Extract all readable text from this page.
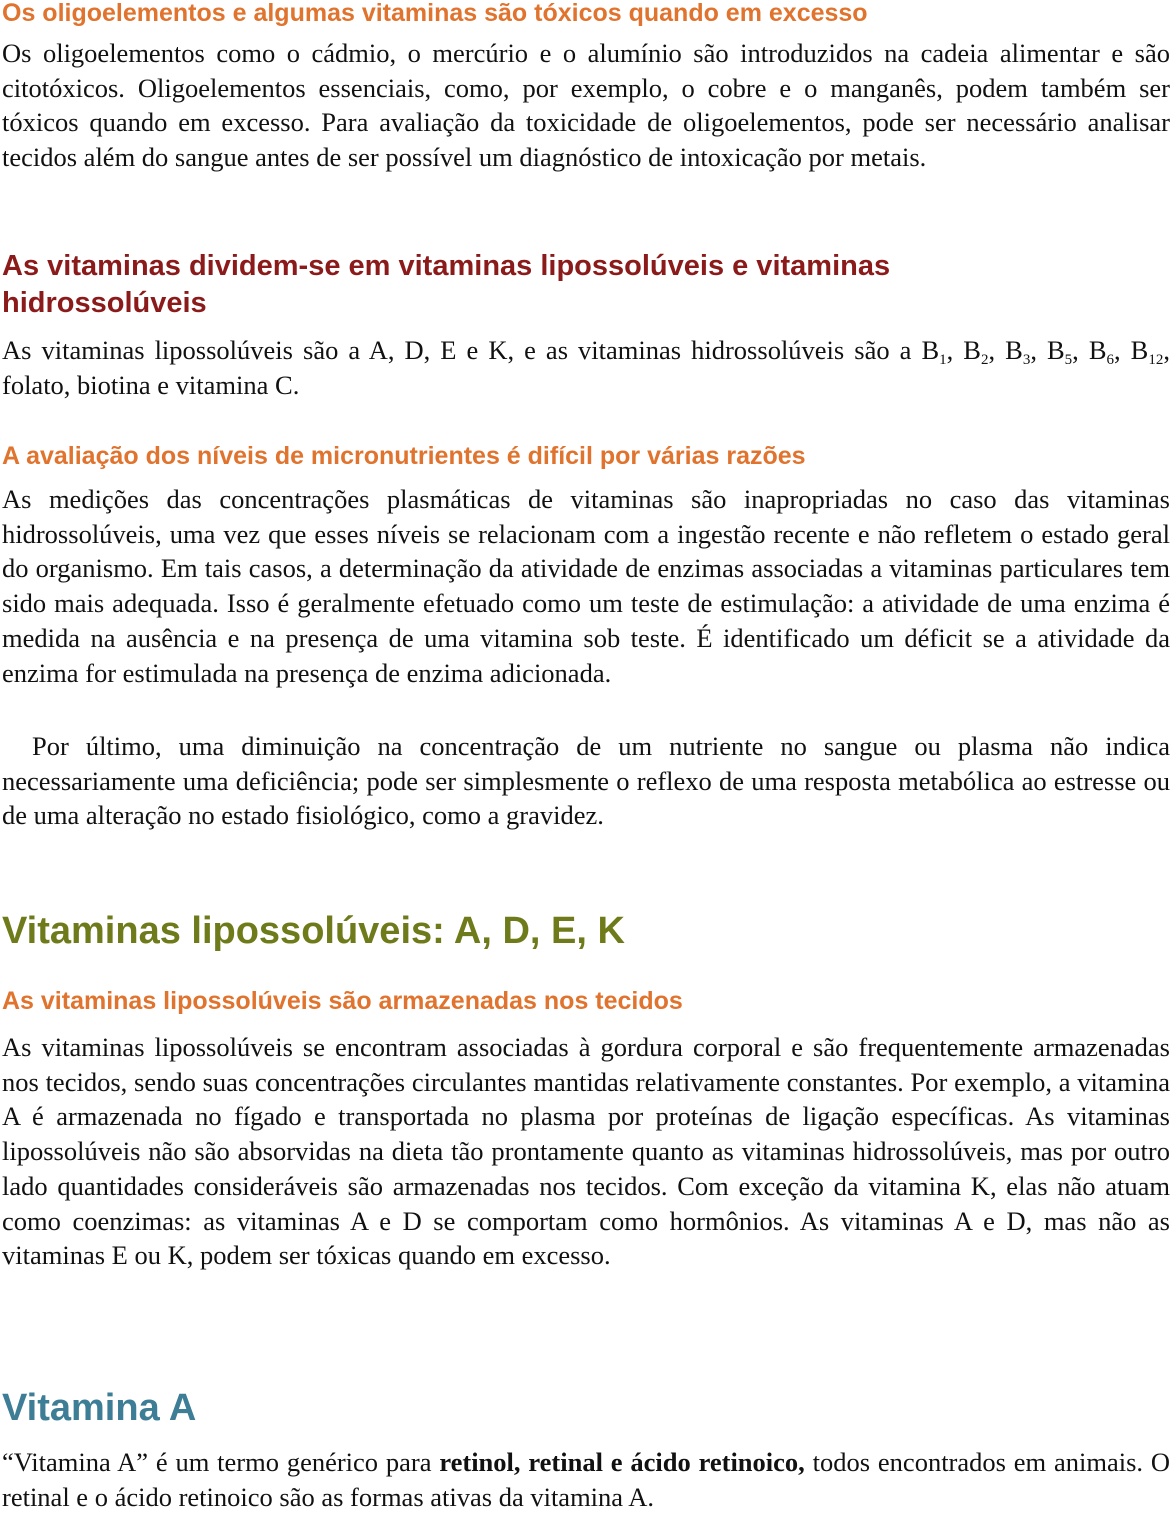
Os oligoelementos e algumas vitaminas são tóxicos quando em excesso

Os oligoelementos como o cádmio, o mercúrio e o alumínio são introduzidos na cadeia alimentar e são citotóxicos. Oligoelementos essenciais, como, por exemplo, o cobre e o manganês, podem também ser tóxicos quando em excesso. Para avaliação da toxicidade de oligoelementos, pode ser necessário analisar tecidos além do sangue antes de ser possível um diagnóstico de intoxicação por metais.

As vitaminas dividem-se em vitaminas lipossolúveis e vitaminas
hidrossolúveis

As vitaminas lipossolúveis são a A, D, E e K, e as vitaminas hidrossolúveis são a $B_1$, $B_2$, $B_3$, $B_5$, $B_6$, $B_{12}$, folato, biotina e vitamina C.

A avaliação dos níveis de micronutrientes é difícil por várias razões

As medições das concentrações plasmáticas de vitaminas são inapropriadas no caso das vitaminas hidrossolúveis, uma vez que esses níveis se relacionam com a ingestão recente e não refletem o estado geral do organismo. Em tais casos, a determinação da atividade de enzimas associadas a vitaminas particulares tem sido mais adequada. Isso é geralmente efetuado como um teste de estimulação: a atividade de uma enzima é medida na ausência e na presença de uma vitamina sob teste. É identificado um déficit se a atividade da enzima for estimulada na presença de enzima adicionada.

Por último, uma diminuição na concentração de um nutriente no sangue ou plasma não indica necessariamente uma deficiência; pode ser simplesmente o reflexo de uma resposta metabólica ao estresse ou de uma alteração no estado fisiológico, como a gravidez.

Vitaminas lipossolúveis: A, D, E, K
As vitaminas lipossolúveis são armazenadas nos tecidos

As vitaminas lipossolúveis se encontram associadas à gordura corporal e são frequentemente armazenadas nos tecidos, sendo suas concentrações circulantes mantidas relativamente constantes. Por exemplo, a vitamina A é armazenada no fígado e transportada no plasma por proteínas de ligação específicas. As vitaminas lipossolúveis não são absorvidas na dieta tão prontamente quanto as vitaminas hidrossolúveis, mas por outro lado quantidades consideráveis são armazenadas nos tecidos. Com exceção da vitamina K, elas não atuam como coenzimas: as vitaminas A e D se comportam como hormônios. As vitaminas A e D, mas não as vitaminas E ou K, podem ser tóxicas quando em excesso.

Vitamina A

“Vitamina A” é um termo genérico para retinol, retinal e ácido retinoico, todos encontrados em animais. O retinal e o ácido retinoico são as formas ativas da vitamina A.
